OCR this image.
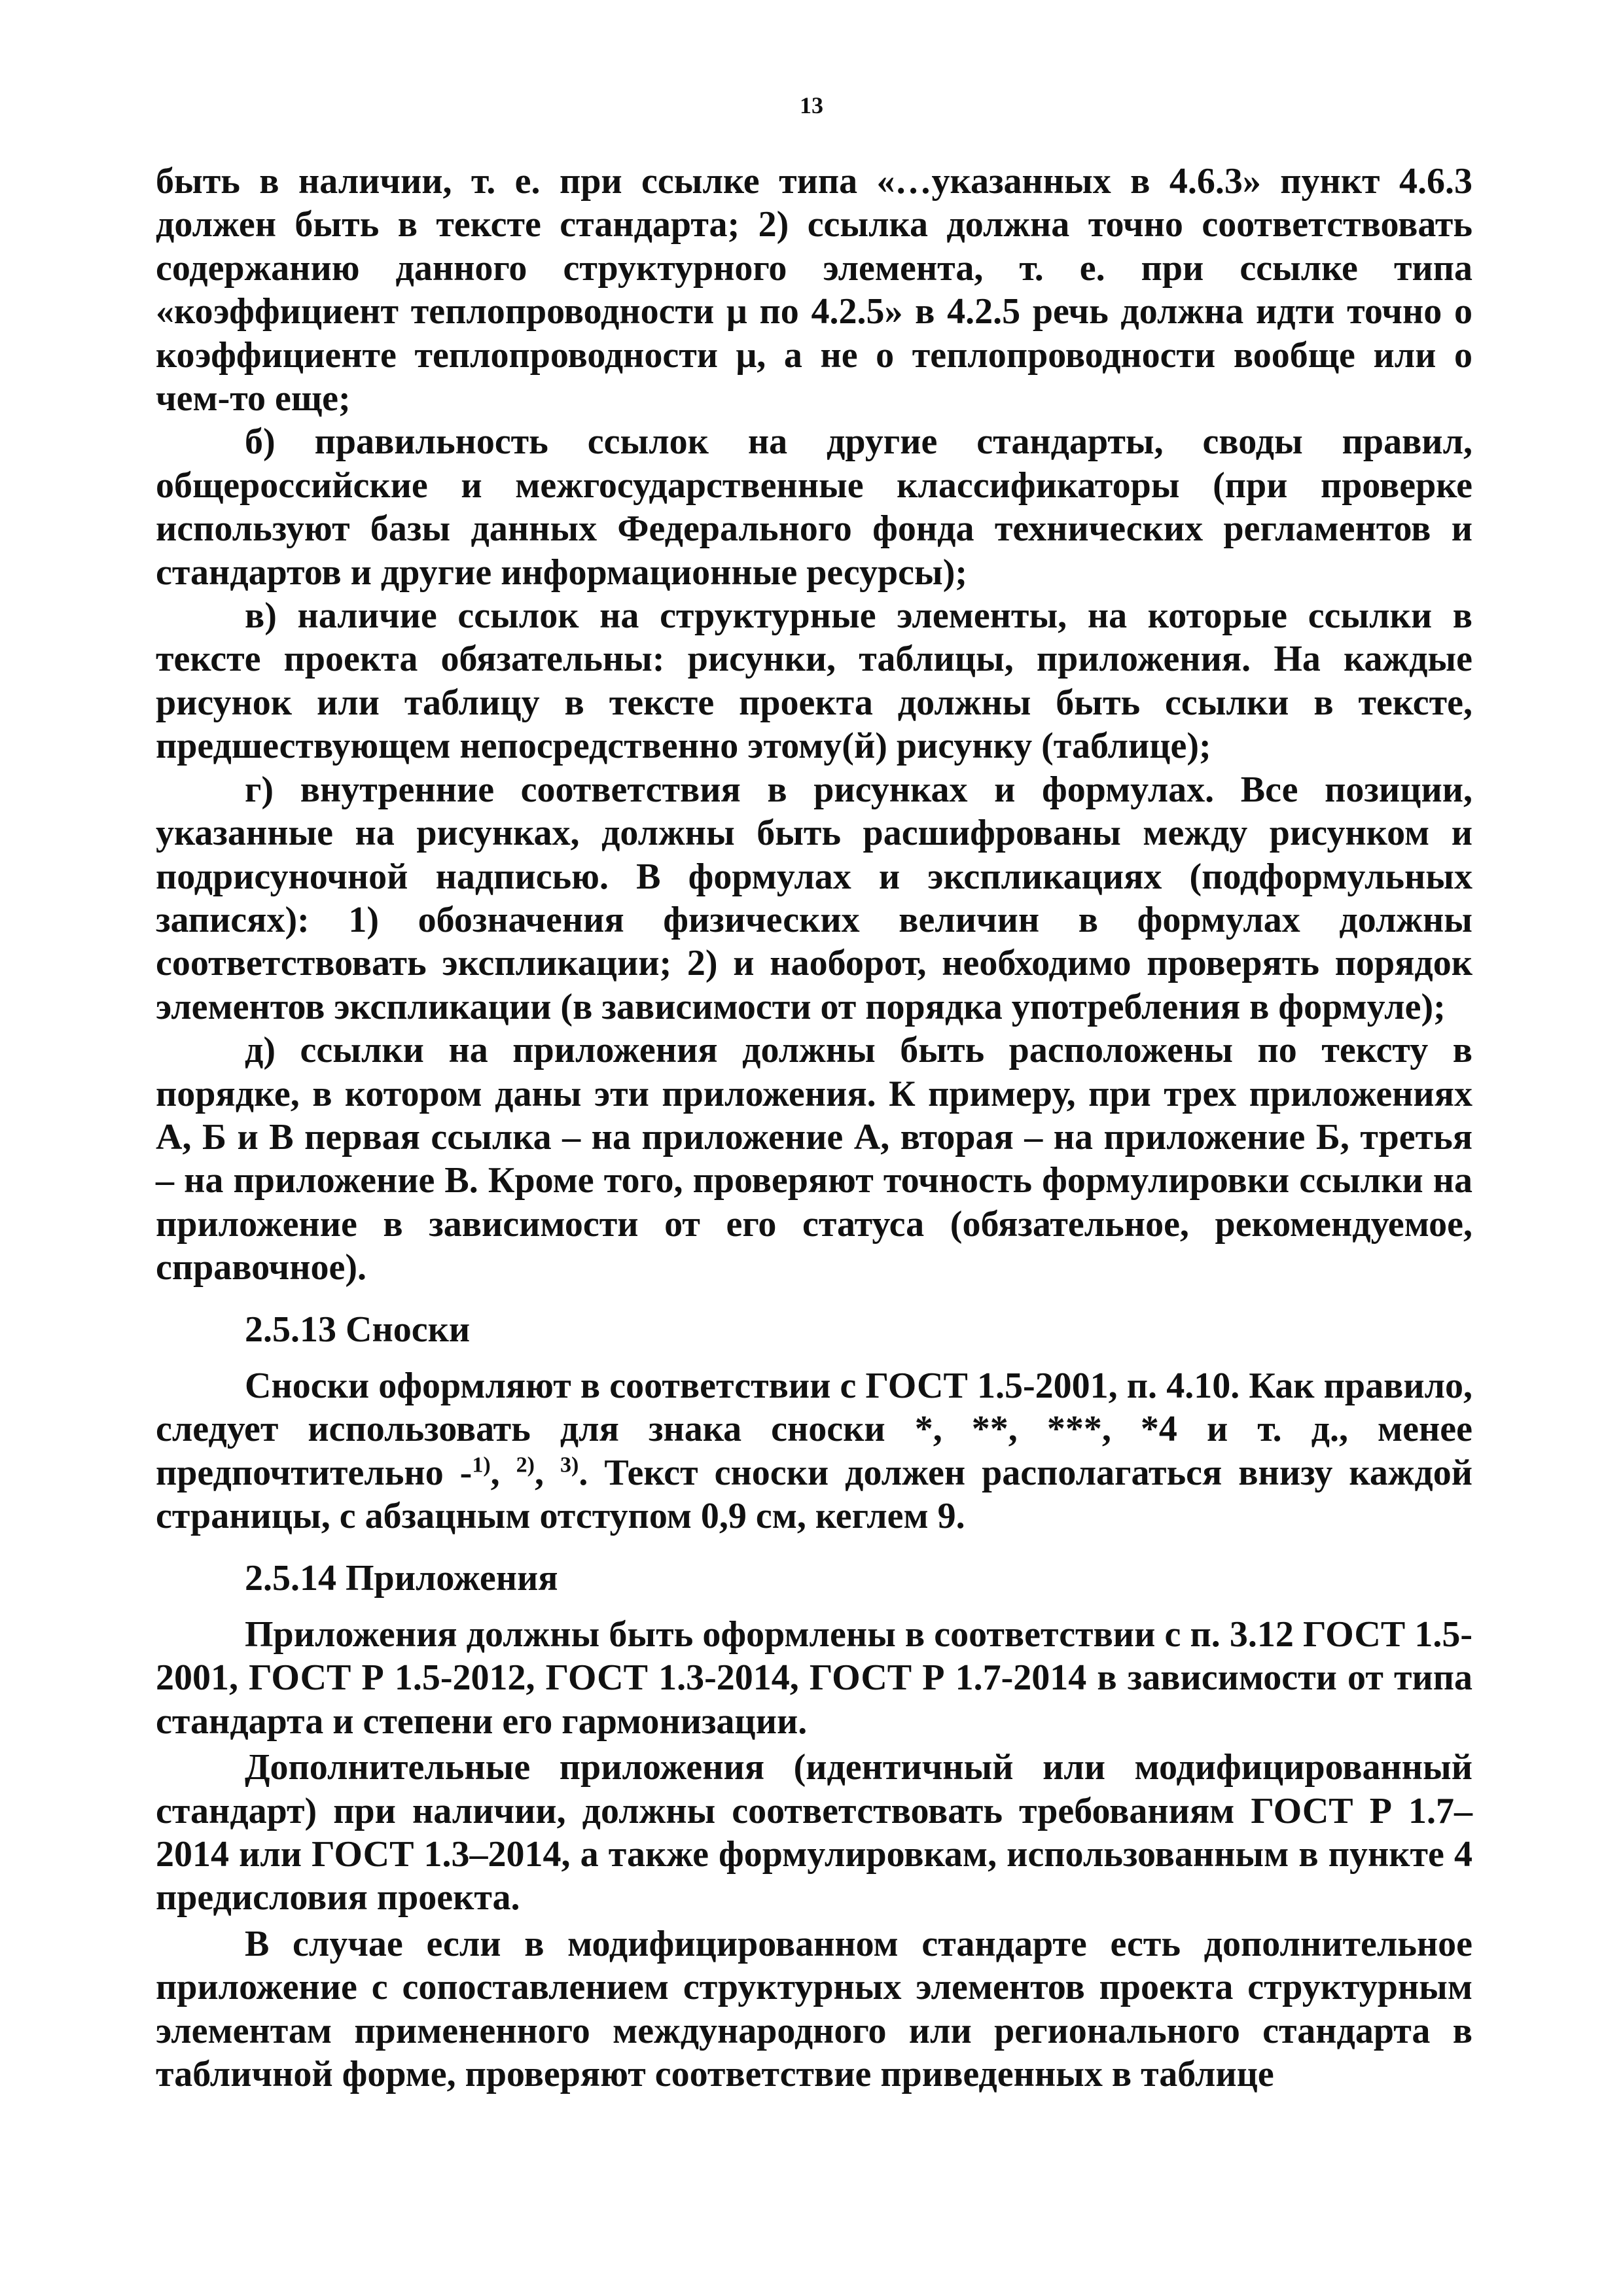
13

быть в наличии, т. е. при ссылке типа «…указанных в 4.6.3» пункт 4.6.3 должен быть в тексте стандарта; 2) ссылка должна точно соответствовать содержанию данного структурного элемента, т. е. при ссылке типа «коэффициент теплопроводности μ по 4.2.5» в 4.2.5 речь должна идти точно о коэффициенте теплопроводности μ, а не о теплопроводности вообще или о чем-то еще;

б) правильность ссылок на другие стандарты, своды правил, общероссийские и межгосударственные классификаторы (при проверке используют базы данных Федерального фонда технических регламентов и стандартов и другие информационные ресурсы);

в) наличие ссылок на структурные элементы, на которые ссылки в тексте проекта обязательны: рисунки, таблицы, приложения. На каждые рисунок или таблицу в тексте проекта должны быть ссылки в тексте, предшествующем непосредственно этому(й) рисунку (таблице);

г) внутренние соответствия в рисунках и формулах. Все позиции, указанные на рисунках, должны быть расшифрованы между рисунком и подрисуночной надписью. В формулах и экспликациях (подформульных записях): 1) обозначения физических величин в формулах должны соответствовать экспликации; 2) и наоборот, необходимо проверять порядок элементов экспликации (в зависимости от порядка употребления в формуле);

д) ссылки на приложения должны быть расположены по тексту в порядке, в котором даны эти приложения. К примеру, при трех приложениях А, Б и В первая ссылка – на приложение А, вторая – на приложение Б, третья – на приложение В. Кроме того, проверяют точность формулировки ссылки на приложение в зависимости от его статуса (обязательное, рекомендуемое, справочное).

2.5.13 Сноски

Сноски оформляют в соответствии с ГОСТ 1.5-2001, п. 4.10. Как правило, следует использовать для знака сноски *, **, ***, *4 и т. д., менее предпочтительно -$^{1)}$, $^{2)}$, $^{3)}$. Текст сноски должен располагаться внизу каждой страницы, с абзацным отступом 0,9 см, кеглем 9.

2.5.14 Приложения

Приложения должны быть оформлены в соответствии с п. 3.12 ГОСТ 1.5-2001, ГОСТ Р 1.5-2012, ГОСТ 1.3-2014, ГОСТ Р 1.7-2014 в зависимости от типа стандарта и степени его гармонизации.

Дополнительные приложения (идентичный или модифицированный стандарт) при наличии, должны соответствовать требованиям ГОСТ Р 1.7–2014 или ГОСТ 1.3–2014, а также формулировкам, использованным в пункте 4 предисловия проекта.

В случае если в модифицированном стандарте есть дополнительное приложение с сопоставлением структурных элементов проекта структурным элементам примененного международного или регионального стандарта в табличной форме, проверяют соответствие приведенных в таблице
